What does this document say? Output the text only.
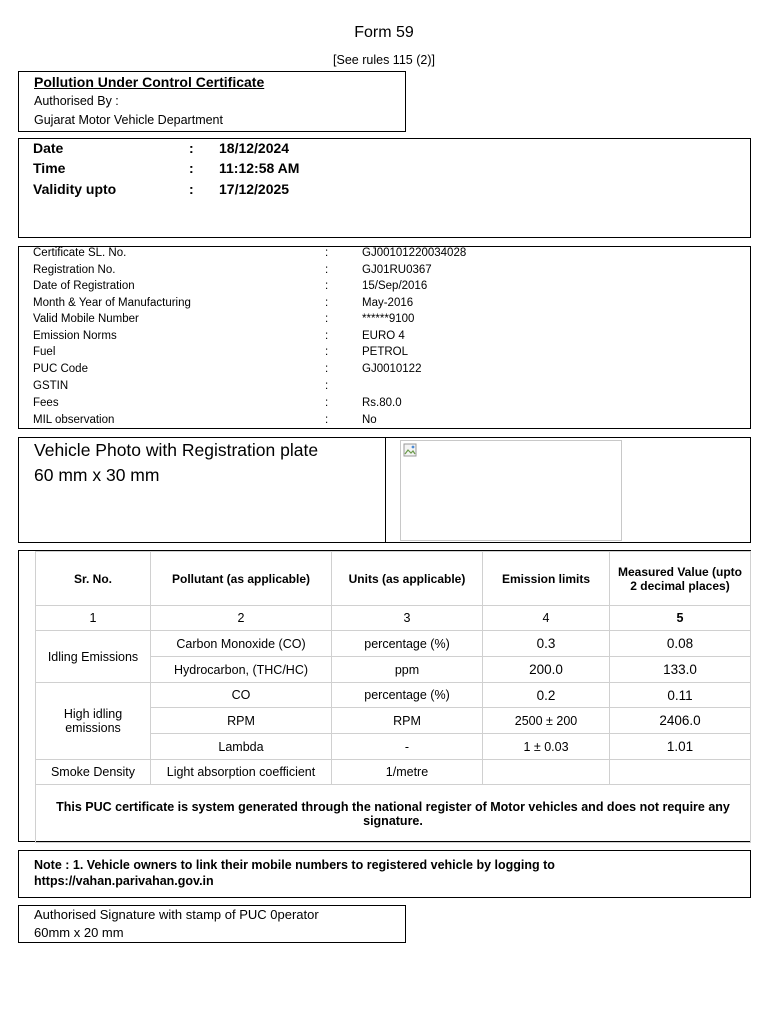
Form 59
[See rules 115 (2)]
Pollution Under Control Certificate
Authorised By :
Gujarat Motor Vehicle Department
Date	:	18/12/2024
Time	:	11:12:58 AM
Validity upto	:	17/12/2025
Certificate SL. No.	:	GJ00101220034028
Registration No.	:	GJ01RU0367
Date of Registration	:	15/Sep/2016
Month & Year of Manufacturing	:	May-2016
Valid Mobile Number	:	******9100
Emission Norms	:	EURO 4
Fuel	:	PETROL
PUC Code	:	GJ0010122
GSTIN	:
Fees	:	Rs.80.0
MIL observation	:	No
Vehicle Photo with Registration plate
60 mm x 30 mm
Sr. No.	Pollutant (as applicable)	Units (as applicable)	Emission limits	Measured Value (upto 2 decimal places)
1	2	3	4	5
Idling Emissions	Carbon Monoxide (CO)	percentage (%)	0.3	0.08
	Hydrocarbon, (THC/HC)	ppm	200.0	133.0
High idling emissions	CO	percentage (%)	0.2	0.11
	RPM	RPM	2500 ± 200	2406.0
	Lambda	-	1 ± 0.03	1.01
Smoke Density	Light absorption coefficient	1/metre		
This PUC certificate is system generated through the national register of Motor vehicles and does not require any signature.				
Note : 1. Vehicle owners to link their mobile numbers to registered vehicle by logging to
https://vahan.parivahan.gov.in
Authorised Signature with stamp of PUC 0perator
60mm x 20 mm
